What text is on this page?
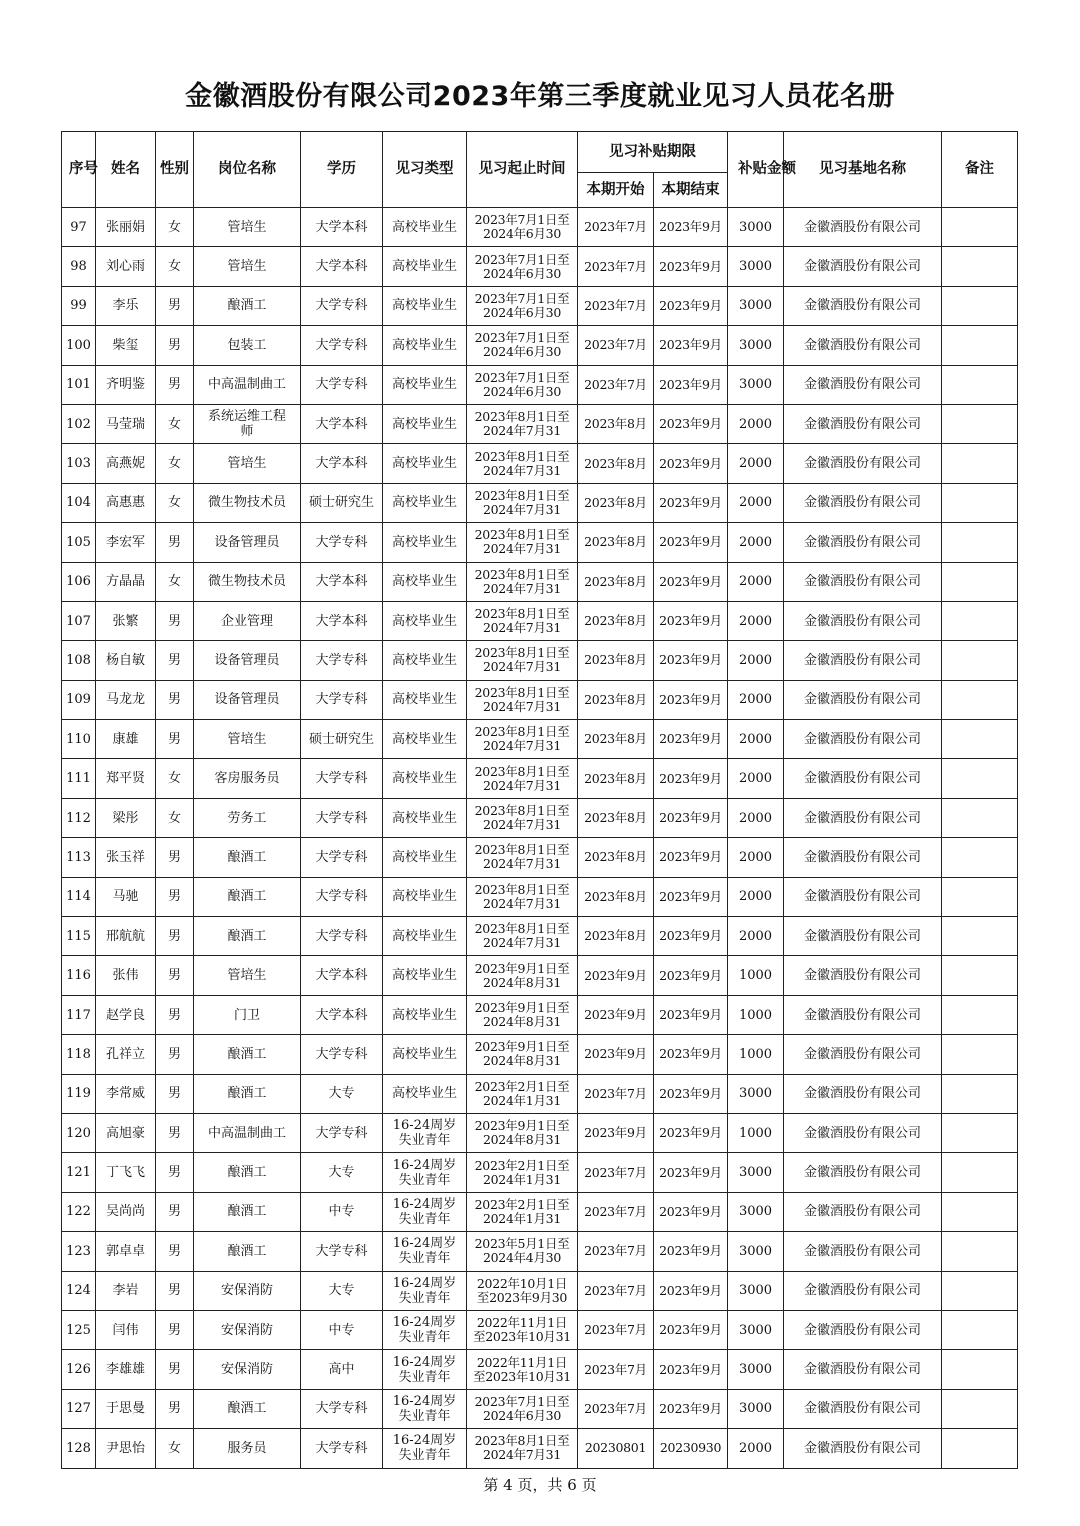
金徽酒股份有限公司2023年第三季度就业见习人员花名册
序号	姓名	性别	岗位名称	学历	见习类型	见习起止时间	见习补贴期限		补贴金额	见习基地名称	备注
							本期开始	本期结束			
97	张丽娟	女	管培生	大学本科	高校毕业生	2023年7月1日至
2024年6月30	2023年7月	2023年9月	3000	金徽酒股份有限公司	
98	刘心雨	女	管培生	大学本科	高校毕业生	2023年7月1日至
2024年6月30	2023年7月	2023年9月	3000	金徽酒股份有限公司	
99	李乐	男	酿酒工	大学专科	高校毕业生	2023年7月1日至
2024年6月30	2023年7月	2023年9月	3000	金徽酒股份有限公司	
100	柴玺	男	包装工	大学专科	高校毕业生	2023年7月1日至
2024年6月30	2023年7月	2023年9月	3000	金徽酒股份有限公司	
101	齐明鉴	男	中高温制曲工	大学专科	高校毕业生	2023年7月1日至
2024年6月30	2023年7月	2023年9月	3000	金徽酒股份有限公司	
102	马莹瑞	女	系统运维工程
师	大学本科	高校毕业生	2023年8月1日至
2024年7月31	2023年8月	2023年9月	2000	金徽酒股份有限公司	
103	高燕妮	女	管培生	大学本科	高校毕业生	2023年8月1日至
2024年7月31	2023年8月	2023年9月	2000	金徽酒股份有限公司	
104	高惠惠	女	微生物技术员	硕士研究生	高校毕业生	2023年8月1日至
2024年7月31	2023年8月	2023年9月	2000	金徽酒股份有限公司	
105	李宏军	男	设备管理员	大学专科	高校毕业生	2023年8月1日至
2024年7月31	2023年8月	2023年9月	2000	金徽酒股份有限公司	
106	方晶晶	女	微生物技术员	大学本科	高校毕业生	2023年8月1日至
2024年7月31	2023年8月	2023年9月	2000	金徽酒股份有限公司	
107	张繁	男	企业管理	大学本科	高校毕业生	2023年8月1日至
2024年7月31	2023年8月	2023年9月	2000	金徽酒股份有限公司	
108	杨自敏	男	设备管理员	大学专科	高校毕业生	2023年8月1日至
2024年7月31	2023年8月	2023年9月	2000	金徽酒股份有限公司	
109	马龙龙	男	设备管理员	大学专科	高校毕业生	2023年8月1日至
2024年7月31	2023年8月	2023年9月	2000	金徽酒股份有限公司	
110	康雄	男	管培生	硕士研究生	高校毕业生	2023年8月1日至
2024年7月31	2023年8月	2023年9月	2000	金徽酒股份有限公司	
111	郑平贤	女	客房服务员	大学专科	高校毕业生	2023年8月1日至
2024年7月31	2023年8月	2023年9月	2000	金徽酒股份有限公司	
112	梁彤	女	劳务工	大学专科	高校毕业生	2023年8月1日至
2024年7月31	2023年8月	2023年9月	2000	金徽酒股份有限公司	
113	张玉祥	男	酿酒工	大学专科	高校毕业生	2023年8月1日至
2024年7月31	2023年8月	2023年9月	2000	金徽酒股份有限公司	
114	马驰	男	酿酒工	大学专科	高校毕业生	2023年8月1日至
2024年7月31	2023年8月	2023年9月	2000	金徽酒股份有限公司	
115	邢航航	男	酿酒工	大学专科	高校毕业生	2023年8月1日至
2024年7月31	2023年8月	2023年9月	2000	金徽酒股份有限公司	
116	张伟	男	管培生	大学本科	高校毕业生	2023年9月1日至
2024年8月31	2023年9月	2023年9月	1000	金徽酒股份有限公司	
117	赵学良	男	门卫	大学本科	高校毕业生	2023年9月1日至
2024年8月31	2023年9月	2023年9月	1000	金徽酒股份有限公司	
118	孔祥立	男	酿酒工	大学专科	高校毕业生	2023年9月1日至
2024年8月31	2023年9月	2023年9月	1000	金徽酒股份有限公司	
119	李常威	男	酿酒工	大专	高校毕业生	2023年2月1日至
2024年1月31	2023年7月	2023年9月	3000	金徽酒股份有限公司	
120	高旭豪	男	中高温制曲工	大学专科	16-24周岁
失业青年	2023年9月1日至
2024年8月31	2023年9月	2023年9月	1000	金徽酒股份有限公司	
121	丁飞飞	男	酿酒工	大专	16-24周岁
失业青年	2023年2月1日至
2024年1月31	2023年7月	2023年9月	3000	金徽酒股份有限公司	
122	吴尚尚	男	酿酒工	中专	16-24周岁
失业青年	2023年2月1日至
2024年1月31	2023年7月	2023年9月	3000	金徽酒股份有限公司	
123	郭卓卓	男	酿酒工	大学专科	16-24周岁
失业青年	2023年5月1日至
2024年4月30	2023年7月	2023年9月	3000	金徽酒股份有限公司	
124	李岩	男	安保消防	大专	16-24周岁
失业青年	2022年10月1日
至2023年9月30	2023年7月	2023年9月	3000	金徽酒股份有限公司	
125	闫伟	男	安保消防	中专	16-24周岁
失业青年	2022年11月1日
至2023年10月31	2023年7月	2023年9月	3000	金徽酒股份有限公司	
126	李雄雄	男	安保消防	高中	16-24周岁
失业青年	2022年11月1日
至2023年10月31	2023年7月	2023年9月	3000	金徽酒股份有限公司	
127	于思曼	男	酿酒工	大学专科	16-24周岁
失业青年	2023年7月1日至
2024年6月30	2023年7月	2023年9月	3000	金徽酒股份有限公司	
128	尹思怡	女	服务员	大学专科	16-24周岁
失业青年	2023年8月1日至
2024年7月31	20230801	20230930	2000	金徽酒股份有限公司	
第 4 页，共 6 页
